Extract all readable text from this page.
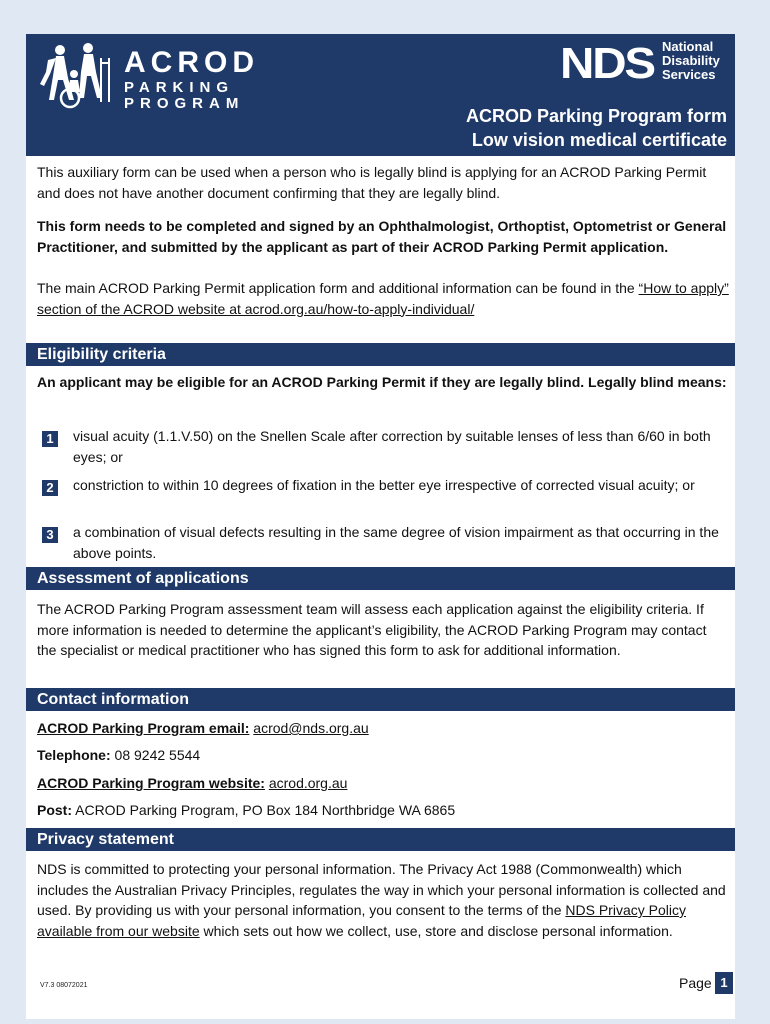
ACROD
PARKING
PROGRAM
NDS National
Disability
Services
ACROD Parking Program form
Low vision medical certificate

This auxiliary form can be used when a person who is legally blind is applying for an ACROD Parking Permit and does not have another document confirming that they are legally blind.

This form needs to be completed and signed by an Ophthalmologist, Orthoptist, Optometrist or General Practitioner, and submitted by the applicant as part of their ACROD Parking Permit application.

The main ACROD Parking Permit application form and additional information can be found in the “How to apply” section of the ACROD website at acrod.org.au/how-to-apply-individual/

Eligibility criteria

An applicant may be eligible for an ACROD Parking Permit if they are legally blind. Legally blind means:

1	visual acuity (1.1.V.50) on the Snellen Scale after correction by suitable lenses of less than 6/60 in both eyes; or

2	constriction to within 10 degrees of fixation in the better eye irrespective of corrected visual acuity; or

3	a combination of visual defects resulting in the same degree of vision impairment as that occurring in the above points.

Assessment of applications

The ACROD Parking Program assessment team will assess each application against the eligibility criteria. If more information is needed to determine the applicant’s eligibility, the ACROD Parking Program may contact the specialist or medical practitioner who has signed this form to ask for additional information.

Contact information

ACROD Parking Program email: acrod@nds.org.au

Telephone: 08 9242 5544

ACROD Parking Program website: acrod.org.au

Post: ACROD Parking Program, PO Box 184 Northbridge WA 6865

Privacy statement

NDS is committed to protecting your personal information. The Privacy Act 1988 (Commonwealth) which includes the Australian Privacy Principles, regulates the way in which your personal information is collected and used. By providing us with your personal information, you consent to the terms of the NDS Privacy Policy available from our website which sets out how we collect, use, store and disclose personal information.

V7.3 08072021	Page 1
